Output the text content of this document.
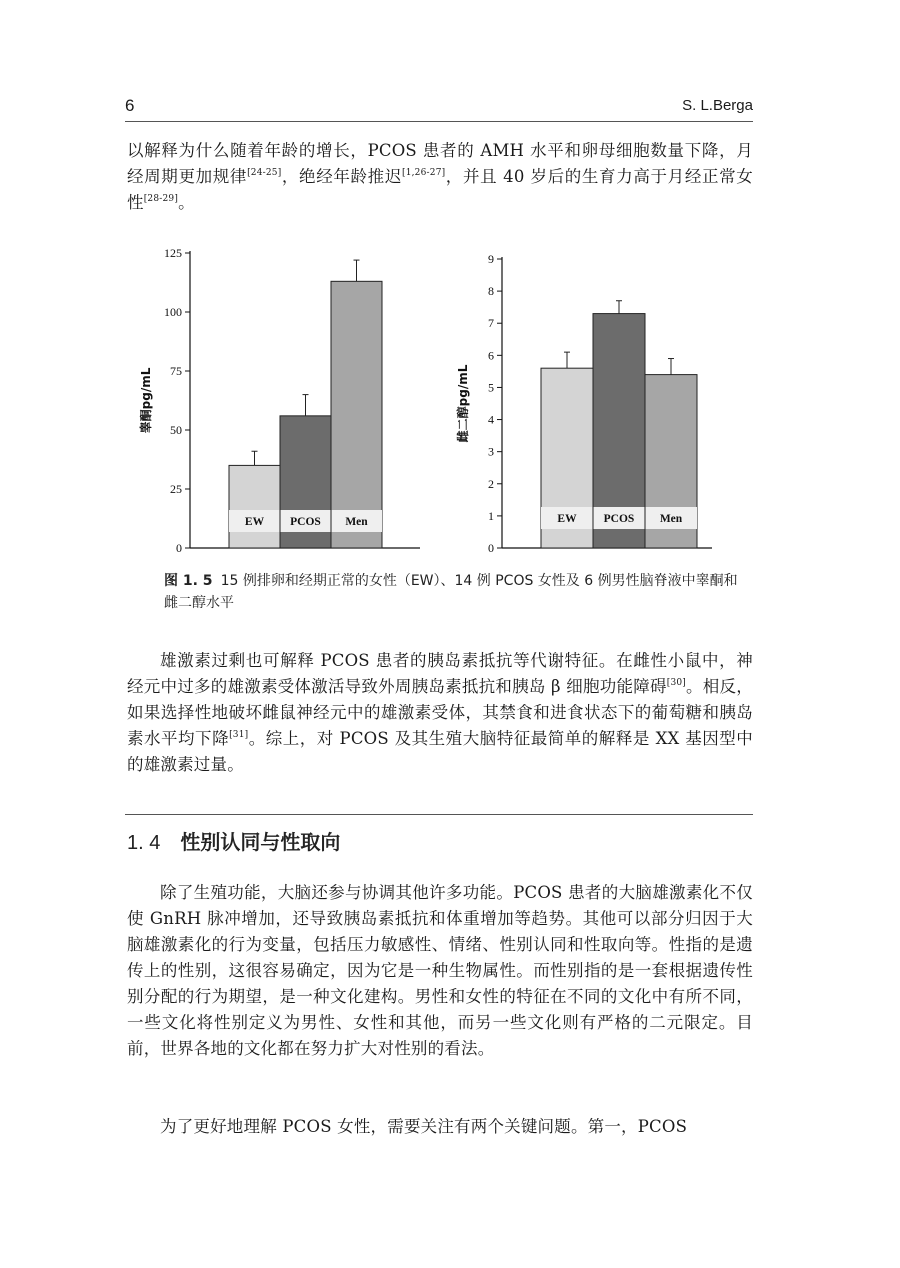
6	S. L.Berga

以解释为什么随着年龄的增长，PCOS 患者的 AMH 水平和卵母细胞数量下降，月经周期更加规律[24-25]，绝经年龄推迟[1,26-27]，并且 40 岁后的生育力高于月经正常女性[28-29]。

0
25
50
75
100
125
睾酮pg/mL
EW PCOS Men
0
1
2
3
4
5
6
7
8
9
雌二醇pg/mL
EW PCOS Men
图 1. 5 15 例排卵和经期正常的女性（EW）、14 例 PCOS 女性及 6 例男性脑脊液中睾酮和雌二醇水平

雄激素过剩也可解释 PCOS 患者的胰岛素抵抗等代谢特征。在雌性小鼠中，神经元中过多的雄激素受体激活导致外周胰岛素抵抗和胰岛 β 细胞功能障碍[30]。相反，如果选择性地破坏雌鼠神经元中的雄激素受体，其禁食和进食状态下的葡萄糖和胰岛素水平均下降[31]。综上，对 PCOS 及其生殖大脑特征最简单的解释是 XX 基因型中的雄激素过量。

1. 4 性别认同与性取向

除了生殖功能，大脑还参与协调其他许多功能。PCOS 患者的大脑雄激素化不仅使 GnRH 脉冲增加，还导致胰岛素抵抗和体重增加等趋势。其他可以部分归因于大脑雄激素化的行为变量，包括压力敏感性、情绪、性别认同和性取向等。性指的是遗传上的性别，这很容易确定，因为它是一种生物属性。而性别指的是一套根据遗传性别分配的行为期望，是一种文化建构。男性和女性的特征在不同的文化中有所不同，一些文化将性别定义为男性、女性和其他，而另一些文化则有严格的二元限定。目前，世界各地的文化都在努力扩大对性别的看法。

为了更好地理解 PCOS 女性，需要关注有两个关键问题。第一，PCOS
